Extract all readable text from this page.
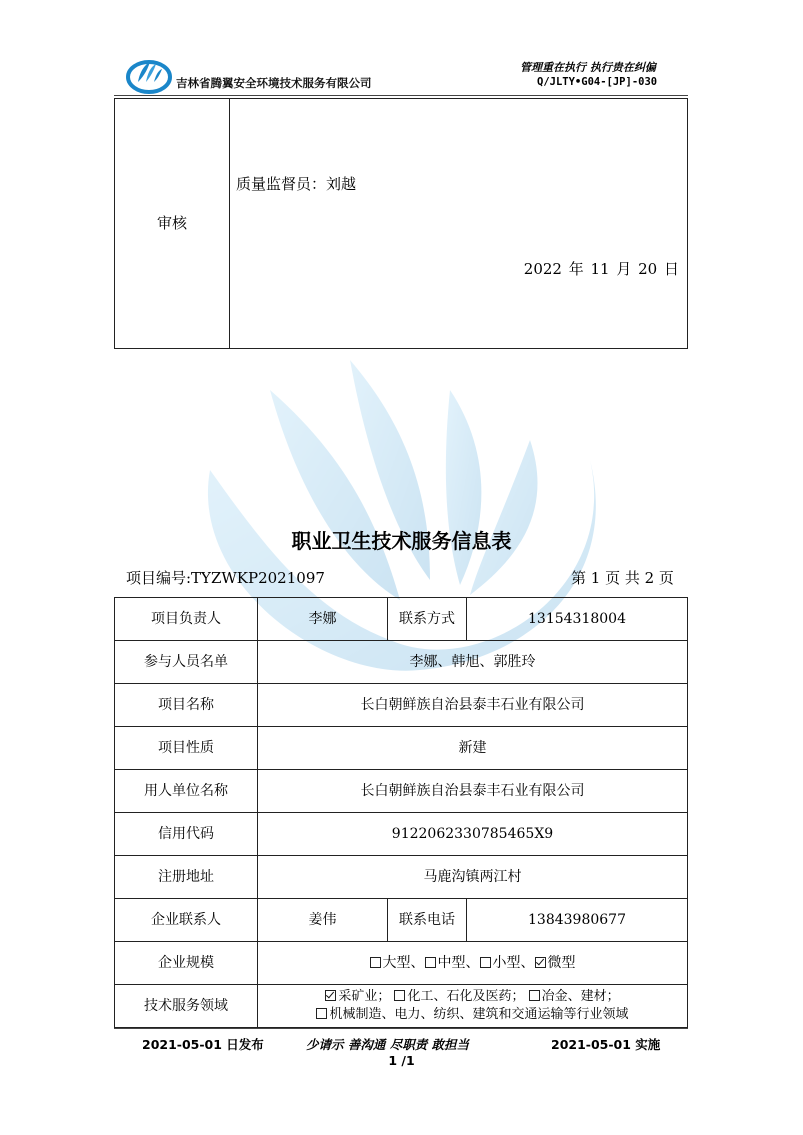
吉林省腾翼安全环境技术服务有限公司
管理重在执行 执行贵在纠偏
Q/JLTY•G04-[JP]-030
审核
质量监督员：刘越
2022 年 11 月 20 日
职业卫生技术服务信息表
项目编号:TYZWKP2021097	第 1 页 共 2 页
项目负责人	李娜	联系方式	13154318004
参与人员名单	李娜、韩旭、郭胜玲		
项目名称	长白朝鲜族自治县泰丰石业有限公司		
项目性质	新建		
用人单位名称	长白朝鲜族自治县泰丰石业有限公司		
信用代码	9122062330785465X9		
注册地址	马鹿沟镇两江村		
企业联系人	姜伟	联系电话	13843980677
企业规模	大型、 中型、 小型、 微型		
技术服务领域	采矿业； 化工、石化及医药； 冶金、建材；
机械制造、电力、纺织、建筑和交通运输等行业领域		
2021-05-01 日发布	少请示 善沟通 尽职责 敢担当	2021-05-01 实施
1 /1
